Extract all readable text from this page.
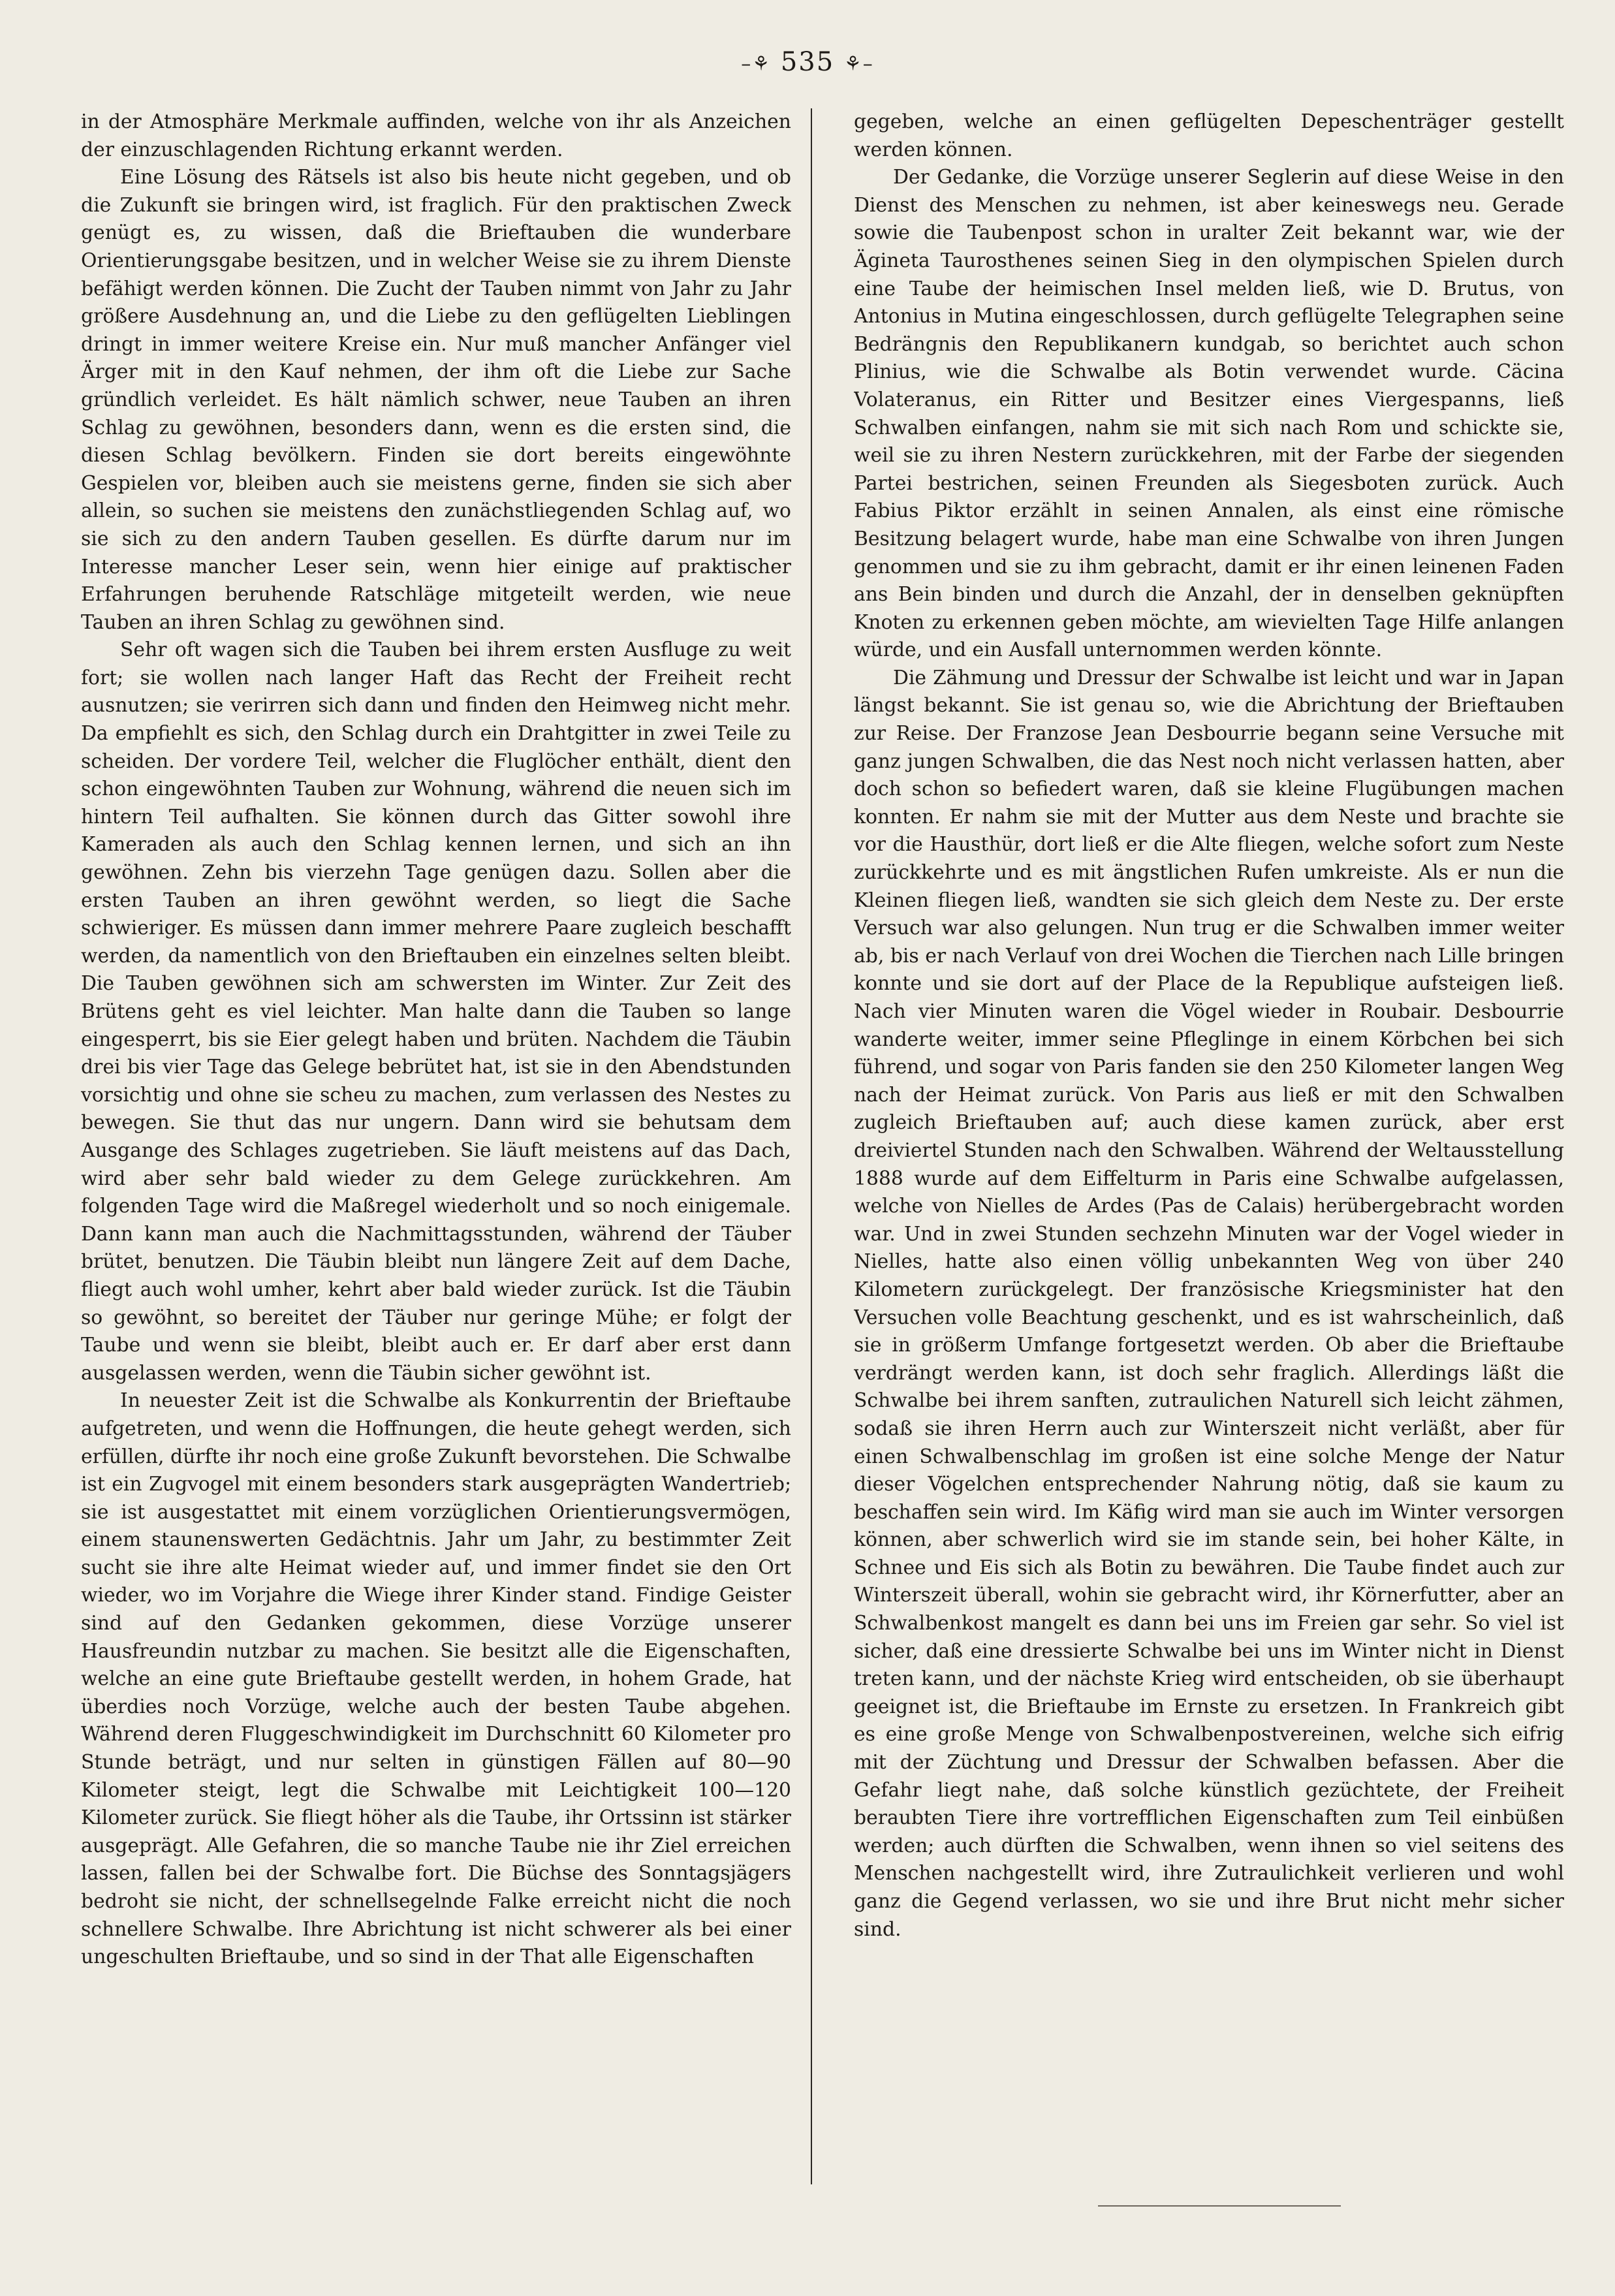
–⚘ 535 ⚘–

in der Atmosphäre Merkmale auffinden, welche von ihr als Anzeichen der einzuschlagenden Richtung erkannt werden.

Eine Lösung des Rätsels ist also bis heute nicht gegeben, und ob die Zukunft sie bringen wird, ist fraglich. Für den praktischen Zweck genügt es, zu wissen, daß die Brieftauben die wunderbare Orientierungsgabe besitzen, und in welcher Weise sie zu ihrem Dienste befähigt werden können. Die Zucht der Tauben nimmt von Jahr zu Jahr größere Ausdehnung an, und die Liebe zu den geflügelten Lieblingen dringt in immer weitere Kreise ein. Nur muß mancher Anfänger viel Ärger mit in den Kauf nehmen, der ihm oft die Liebe zur Sache gründlich verleidet. Es hält nämlich schwer, neue Tauben an ihren Schlag zu gewöhnen, besonders dann, wenn es die ersten sind, die diesen Schlag bevölkern. Finden sie dort bereits eingewöhnte Gespielen vor, bleiben auch sie meistens gerne, finden sie sich aber allein, so suchen sie meistens den zunächstliegenden Schlag auf, wo sie sich zu den andern Tauben gesellen. Es dürfte darum nur im Interesse mancher Leser sein, wenn hier einige auf praktischer Erfahrungen beruhende Ratschläge mitgeteilt werden, wie neue Tauben an ihren Schlag zu gewöhnen sind.

Sehr oft wagen sich die Tauben bei ihrem ersten Ausfluge zu weit fort; sie wollen nach langer Haft das Recht der Freiheit recht ausnutzen; sie verirren sich dann und finden den Heimweg nicht mehr. Da empfiehlt es sich, den Schlag durch ein Drahtgitter in zwei Teile zu scheiden. Der vordere Teil, welcher die Fluglöcher enthält, dient den schon eingewöhnten Tauben zur Wohnung, während die neuen sich im hintern Teil aufhalten. Sie können durch das Gitter sowohl ihre Kameraden als auch den Schlag kennen lernen, und sich an ihn gewöhnen. Zehn bis vierzehn Tage genügen dazu. Sollen aber die ersten Tauben an ihren gewöhnt werden, so liegt die Sache schwieriger. Es müssen dann immer mehrere Paare zugleich beschafft werden, da namentlich von den Brieftauben ein einzelnes selten bleibt. Die Tauben gewöhnen sich am schwersten im Winter. Zur Zeit des Brütens geht es viel leichter. Man halte dann die Tauben so lange eingesperrt, bis sie Eier gelegt haben und brüten. Nachdem die Täubin drei bis vier Tage das Gelege bebrütet hat, ist sie in den Abendstunden vorsichtig und ohne sie scheu zu machen, zum verlassen des Nestes zu bewegen. Sie thut das nur ungern. Dann wird sie behutsam dem Ausgange des Schlages zugetrieben. Sie läuft meistens auf das Dach, wird aber sehr bald wieder zu dem Gelege zurückkehren. Am folgenden Tage wird die Maßregel wiederholt und so noch einigemale. Dann kann man auch die Nachmittagsstunden, während der Täuber brütet, benutzen. Die Täubin bleibt nun längere Zeit auf dem Dache, fliegt auch wohl umher, kehrt aber bald wieder zurück. Ist die Täubin so gewöhnt, so bereitet der Täuber nur geringe Mühe; er folgt der Taube und wenn sie bleibt, bleibt auch er. Er darf aber erst dann ausgelassen werden, wenn die Täubin sicher gewöhnt ist.

In neuester Zeit ist die Schwalbe als Konkurrentin der Brieftaube aufgetreten, und wenn die Hoffnungen, die heute gehegt werden, sich erfüllen, dürfte ihr noch eine große Zukunft bevorstehen. Die Schwalbe ist ein Zugvogel mit einem besonders stark ausgeprägten Wandertrieb; sie ist ausgestattet mit einem vorzüglichen Orientierungsvermögen, einem staunenswerten Gedächtnis. Jahr um Jahr, zu bestimmter Zeit sucht sie ihre alte Heimat wieder auf, und immer findet sie den Ort wieder, wo im Vorjahre die Wiege ihrer Kinder stand. Findige Geister sind auf den Gedanken gekommen, diese Vorzüge unserer Hausfreundin nutzbar zu machen. Sie besitzt alle die Eigenschaften, welche an eine gute Brieftaube gestellt werden, in hohem Grade, hat überdies noch Vorzüge, welche auch der besten Taube abgehen. Während deren Fluggeschwindigkeit im Durchschnitt 60 Kilometer pro Stunde beträgt, und nur selten in günstigen Fällen auf 80—90 Kilometer steigt, legt die Schwalbe mit Leichtigkeit 100—120 Kilometer zurück. Sie fliegt höher als die Taube, ihr Ortssinn ist stärker ausgeprägt. Alle Gefahren, die so manche Taube nie ihr Ziel erreichen lassen, fallen bei der Schwalbe fort. Die Büchse des Sonntagsjägers bedroht sie nicht, der schnellsegelnde Falke erreicht nicht die noch schnellere Schwalbe. Ihre Abrichtung ist nicht schwerer als bei einer ungeschulten Brieftaube, und so sind in der That alle Eigenschaften

gegeben, welche an einen geflügelten Depeschenträger gestellt werden können.

Der Gedanke, die Vorzüge unserer Seglerin auf diese Weise in den Dienst des Menschen zu nehmen, ist aber keineswegs neu. Gerade sowie die Taubenpost schon in uralter Zeit bekannt war, wie der Ägineta Taurosthenes seinen Sieg in den olympischen Spielen durch eine Taube der heimischen Insel melden ließ, wie D. Brutus, von Antonius in Mutina eingeschlossen, durch geflügelte Telegraphen seine Bedrängnis den Republikanern kundgab, so berichtet auch schon Plinius, wie die Schwalbe als Botin verwendet wurde. Cäcina Volateranus, ein Ritter und Besitzer eines Viergespanns, ließ Schwalben einfangen, nahm sie mit sich nach Rom und schickte sie, weil sie zu ihren Nestern zurückkehren, mit der Farbe der siegenden Partei bestrichen, seinen Freunden als Siegesboten zurück. Auch Fabius Piktor erzählt in seinen Annalen, als einst eine römische Besitzung belagert wurde, habe man eine Schwalbe von ihren Jungen genommen und sie zu ihm gebracht, damit er ihr einen leinenen Faden ans Bein binden und durch die Anzahl, der in denselben geknüpften Knoten zu erkennen geben möchte, am wievielten Tage Hilfe anlangen würde, und ein Ausfall unternommen werden könnte.

Die Zähmung und Dressur der Schwalbe ist leicht und war in Japan längst bekannt. Sie ist genau so, wie die Abrichtung der Brieftauben zur Reise. Der Franzose Jean Desbourrie begann seine Versuche mit ganz jungen Schwalben, die das Nest noch nicht verlassen hatten, aber doch schon so befiedert waren, daß sie kleine Flugübungen machen konnten. Er nahm sie mit der Mutter aus dem Neste und brachte sie vor die Hausthür, dort ließ er die Alte fliegen, welche sofort zum Neste zurückkehrte und es mit ängstlichen Rufen umkreiste. Als er nun die Kleinen fliegen ließ, wandten sie sich gleich dem Neste zu. Der erste Versuch war also gelungen. Nun trug er die Schwalben immer weiter ab, bis er nach Verlauf von drei Wochen die Tierchen nach Lille bringen konnte und sie dort auf der Place de la Republique aufsteigen ließ. Nach vier Minuten waren die Vögel wieder in Roubair. Desbourrie wanderte weiter, immer seine Pfleglinge in einem Körbchen bei sich führend, und sogar von Paris fanden sie den 250 Kilometer langen Weg nach der Heimat zurück. Von Paris aus ließ er mit den Schwalben zugleich Brieftauben auf; auch diese kamen zurück, aber erst dreiviertel Stunden nach den Schwalben. Während der Weltausstellung 1888 wurde auf dem Eiffelturm in Paris eine Schwalbe aufgelassen, welche von Nielles de Ardes (Pas de Calais) herübergebracht worden war. Und in zwei Stunden sechzehn Minuten war der Vogel wieder in Nielles, hatte also einen völlig unbekannten Weg von über 240 Kilometern zurückgelegt. Der französische Kriegsminister hat den Versuchen volle Beachtung geschenkt, und es ist wahrscheinlich, daß sie in größerm Umfange fortgesetzt werden. Ob aber die Brieftaube verdrängt werden kann, ist doch sehr fraglich. Allerdings läßt die Schwalbe bei ihrem sanften, zutraulichen Naturell sich leicht zähmen, sodaß sie ihren Herrn auch zur Winterszeit nicht verläßt, aber für einen Schwalbenschlag im großen ist eine solche Menge der Natur dieser Vögelchen entsprechender Nahrung nötig, daß sie kaum zu beschaffen sein wird. Im Käfig wird man sie auch im Winter versorgen können, aber schwerlich wird sie im stande sein, bei hoher Kälte, in Schnee und Eis sich als Botin zu bewähren. Die Taube findet auch zur Winterszeit überall, wohin sie gebracht wird, ihr Körnerfutter, aber an Schwalbenkost mangelt es dann bei uns im Freien gar sehr. So viel ist sicher, daß eine dressierte Schwalbe bei uns im Winter nicht in Dienst treten kann, und der nächste Krieg wird entscheiden, ob sie überhaupt geeignet ist, die Brieftaube im Ernste zu ersetzen. In Frankreich gibt es eine große Menge von Schwalbenpostvereinen, welche sich eifrig mit der Züchtung und Dressur der Schwalben befassen. Aber die Gefahr liegt nahe, daß solche künstlich gezüchtete, der Freiheit beraubten Tiere ihre vortrefflichen Eigenschaften zum Teil einbüßen werden; auch dürften die Schwalben, wenn ihnen so viel seitens des Menschen nachgestellt wird, ihre Zutraulichkeit verlieren und wohl ganz die Gegend verlassen, wo sie und ihre Brut nicht mehr sicher sind.
